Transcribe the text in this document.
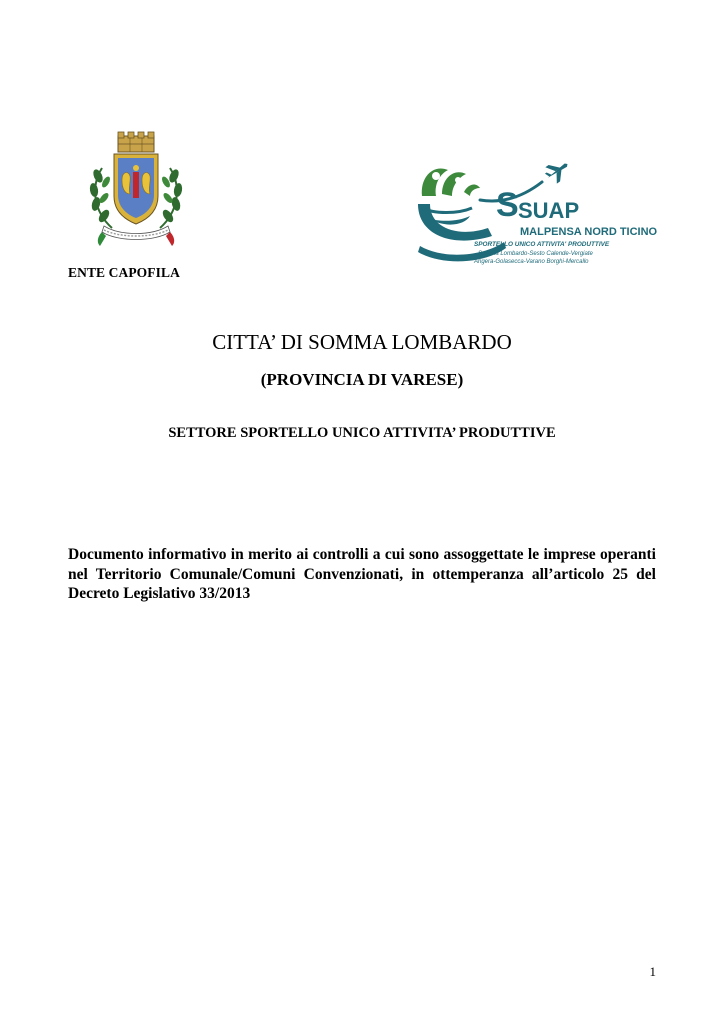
ENTE CAPOFILA
S SUAP
MALPENSA NORD TICINO
SPORTELLO UNICO ATTIVITA' PRODUTTIVE
Somma Lombardo-Sesto Calende-Vergiate
Angera-Golasecca-Varano Borghi-Mercallo
CITTA’ DI SOMMA LOMBARDO
(PROVINCIA DI VARESE)
SETTORE SPORTELLO UNICO ATTIVITA’ PRODUTTIVE
Documento informativo in merito ai controlli a cui sono assoggettate le imprese operanti nel Territorio Comunale/Comuni Convenzionati, in ottemperanza all’articolo 25 del Decreto Legislativo 33/2013
1
